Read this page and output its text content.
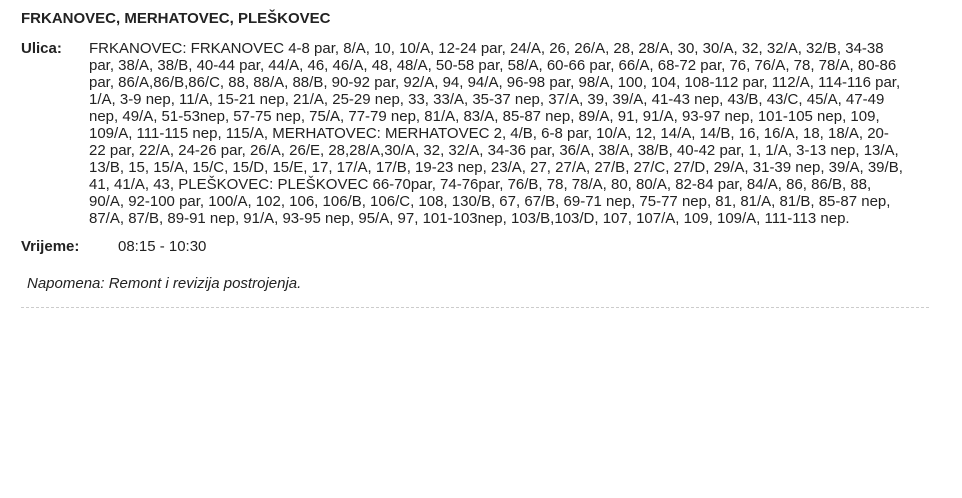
FRKANOVEC, MERHATOVEC, PLEŠKOVEC
Ulica:	FRKANOVEC: FRKANOVEC 4-8 par, 8/A, 10, 10/A, 12-24 par, 24/A, 26, 26/A, 28, 28/A, 30, 30/A, 32, 32/A, 32/B, 34-38 par, 38/A, 38/B, 40-44 par, 44/A, 46, 46/A, 48, 48/A, 50-58 par, 58/A, 60-66 par, 66/A, 68-72 par, 76, 76/A, 78, 78/A, 80-86 par, 86/A,86/B,86/C, 88, 88/A, 88/B, 90-92 par, 92/A, 94, 94/A, 96-98 par, 98/A, 100, 104, 108-112 par, 112/A, 114-116 par, 1/A, 3-9 nep, 11/A, 15-21 nep, 21/A, 25-29 nep, 33, 33/A, 35-37 nep, 37/A, 39, 39/A, 41-43 nep, 43/B, 43/C, 45/A, 47-49 nep, 49/A, 51-53nep, 57-75 nep, 75/A, 77-79 nep, 81/A, 83/A, 85-87 nep, 89/A, 91, 91/A, 93-97 nep, 101-105 nep, 109, 109/A, 111-115 nep, 115/A, MERHATOVEC: MERHATOVEC 2, 4/B, 6-8 par, 10/A, 12, 14/A, 14/B, 16, 16/A, 18, 18/A, 20-22 par, 22/A, 24-26 par, 26/A, 26/E, 28,28/A,30/A, 32, 32/A, 34-36 par, 36/A, 38/A, 38/B, 40-42 par, 1, 1/A, 3-13 nep, 13/A, 13/B, 15, 15/A, 15/C, 15/D, 15/E, 17, 17/A, 17/B, 19-23 nep, 23/A, 27, 27/A, 27/B, 27/C, 27/D, 29/A, 31-39 nep, 39/A, 39/B, 41, 41/A, 43, PLEŠKOVEC: PLEŠKOVEC 66-70par, 74-76par, 76/B, 78, 78/A, 80, 80/A, 82-84 par, 84/A, 86, 86/B, 88, 90/A, 92-100 par, 100/A, 102, 106, 106/B, 106/C, 108, 130/B, 67, 67/B, 69-71 nep, 75-77 nep, 81, 81/A, 81/B, 85-87 nep, 87/A, 87/B, 89-91 nep, 91/A, 93-95 nep, 95/A, 97, 101-103nep, 103/B,103/D, 107, 107/A, 109, 109/A, 111-113 nep.
Vrijeme:	08:15 - 10:30
Napomena: Remont i revizija postrojenja.
